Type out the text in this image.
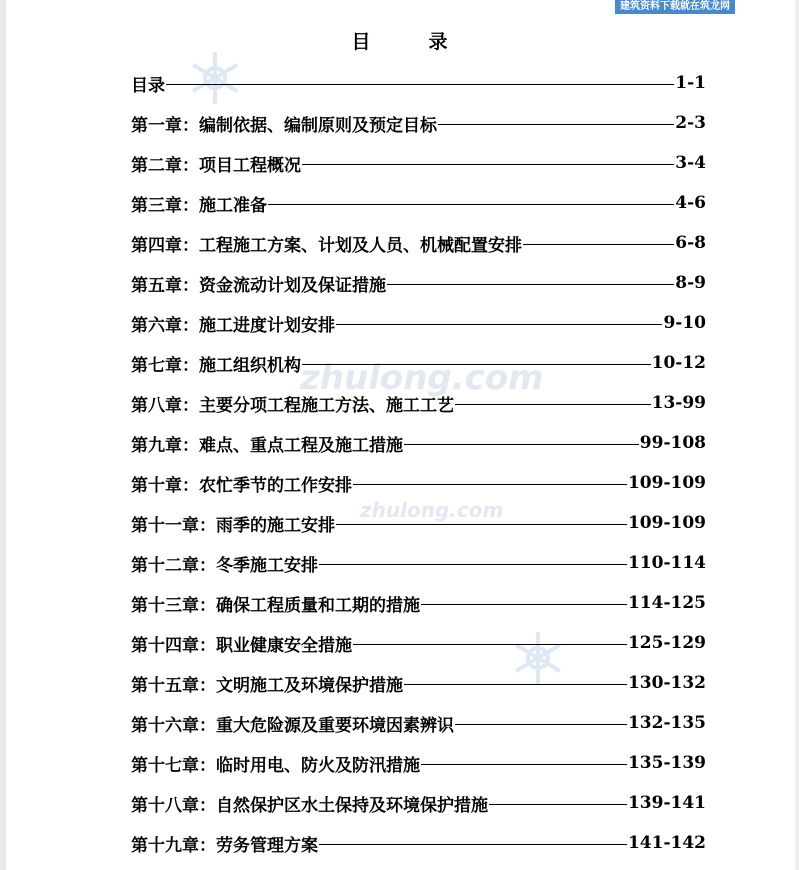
建筑资料下载就在筑龙网
zhulong.com
zhulong.com
目录
目录	1-1
第一章：编制依据、编制原则及预定目标	2-3
第二章：项目工程概况	3-4
第三章：施工准备	4-6
第四章：工程施工方案、计划及人员、机械配置安排	6-8
第五章：资金流动计划及保证措施	8-9
第六章：施工进度计划安排	9-10
第七章：施工组织机构	10-12
第八章：主要分项工程施工方法、施工工艺	13-99
第九章：难点、重点工程及施工措施	99-108
第十章：农忙季节的工作安排	109-109
第十一章：雨季的施工安排	109-109
第十二章：冬季施工安排	110-114
第十三章：确保工程质量和工期的措施	114-125
第十四章：职业健康安全措施	125-129
第十五章：文明施工及环境保护措施	130-132
第十六章：重大危险源及重要环境因素辨识	132-135
第十七章：临时用电、防火及防汛措施	135-139
第十八章：自然保护区水土保持及环境保护措施	139-141
第十九章：劳务管理方案	141-142
